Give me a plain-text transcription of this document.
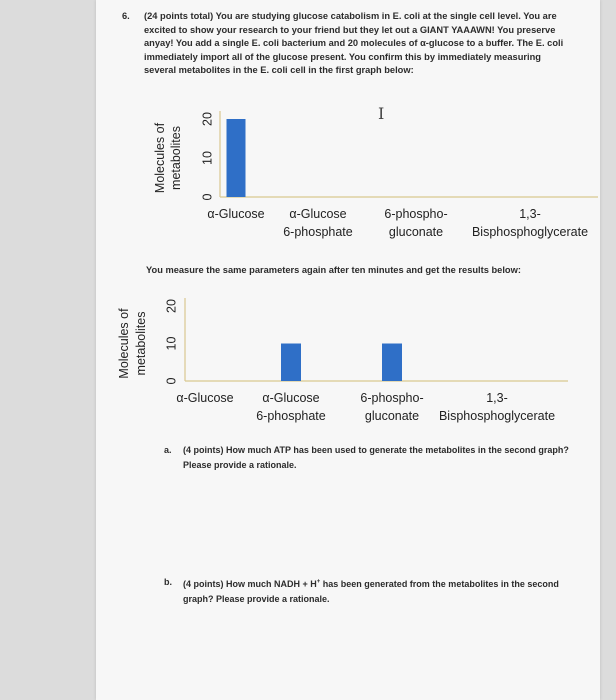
6. (24 points total) You are studying glucose catabolism in E. coli at the single cell level. You are excited to show your research to your friend but they let out a GIANT YAAAWN! You preserve anyay! You add a single E. coli bacterium and 20 molecules of α-glucose to a buffer. The E. coli immediately import all of the glucose present. You confirm this by immediately measuring several metabolites in the E. coli cell in the first graph below:
I
Molecules of metabolites
0
10
20
α-Glucose α-Glucose
6-phosphate
6-phospho-
gluconate
1,3-
Bisphosphoglycerate
You measure the same parameters again after ten minutes and get the results below:
Molecules of metabolites
0
10
20
α-Glucose α-Glucose
6-phosphate
6-phospho-
gluconate
1,3-
Bisphosphoglycerate
a. (4 points) How much ATP has been used to generate the metabolites in the second graph? Please provide a rationale.
b. (4 points) How much NADH + H+ has been generated from the metabolites in the second graph? Please provide a rationale.
